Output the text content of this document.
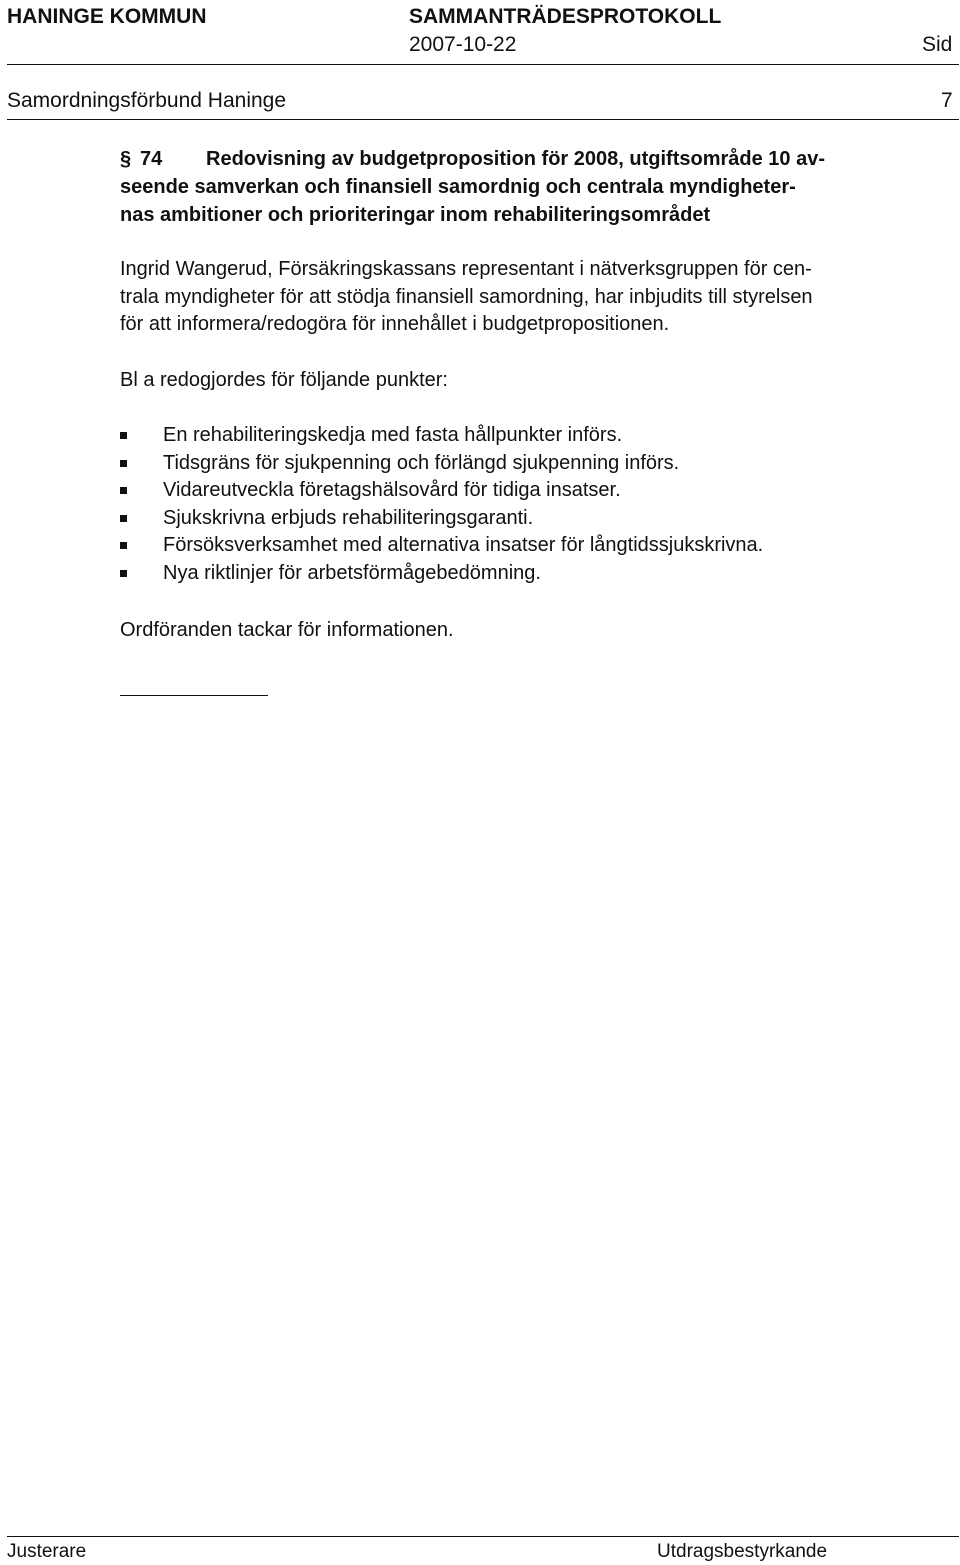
HANINGE KOMMUN	SAMMANTRÄDESPROTOKOLL
2007-10-22	Sid
Samordningsförbund Haninge	7
§ 74 Redovisning av budgetproposition för 2008, utgiftsområde 10 av-
seende samverkan och finansiell samordnig och centrala myndigheter-
nas ambitioner och prioriteringar inom rehabiliteringsområdet
Ingrid Wangerud, Försäkringskassans representant i nätverksgruppen för cen-
trala myndigheter för att stödja finansiell samordning, har inbjudits till styrelsen
för att informera/redogöra för innehållet i budgetpropositionen.
Bl a redogjordes för följande punkter:
En rehabiliteringskedja med fasta hållpunkter införs.
Tidsgräns för sjukpenning och förlängd sjukpenning införs.
Vidareutveckla företagshälsovård för tidiga insatser.
Sjukskrivna erbjuds rehabiliteringsgaranti.
Försöksverksamhet med alternativa insatser för långtidssjukskrivna.
Nya riktlinjer för arbetsförmågebedömning.
Ordföranden tackar för informationen.
Justerare	Utdragsbestyrkande
